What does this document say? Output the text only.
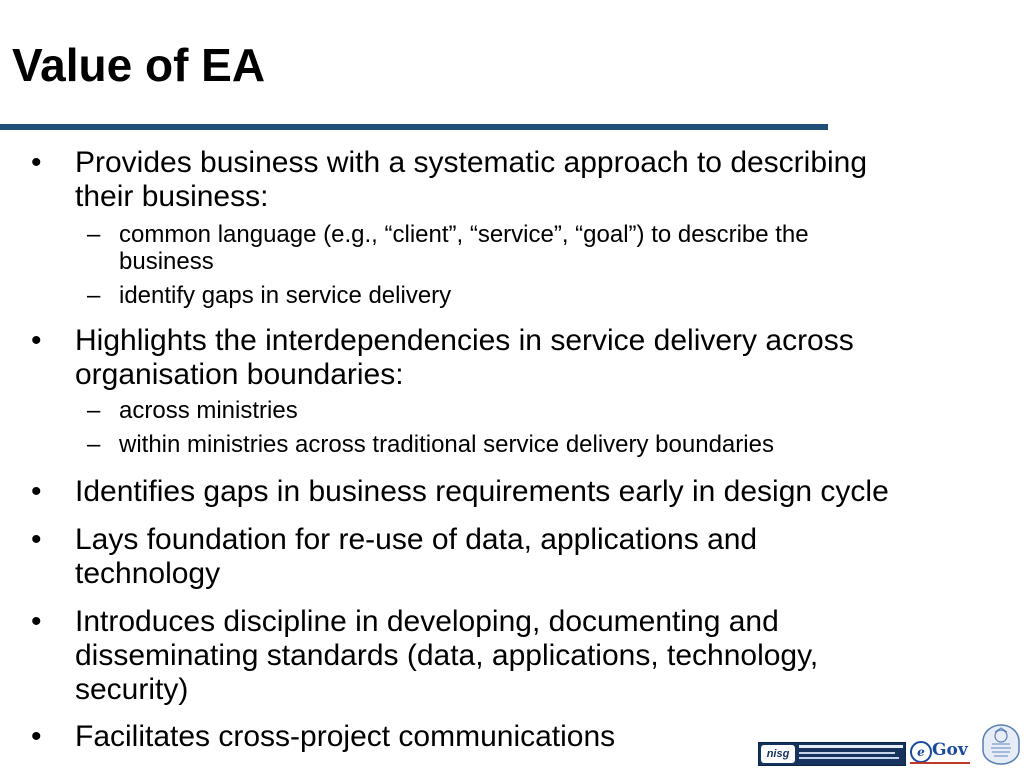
Value of EA
• Provides business with a systematic approach to describing
their business:
– common language (e.g., “client”, “service”, “goal”) to describe the
business
– identify gaps in service delivery
• Highlights the interdependencies in service delivery across
organisation boundaries:
– across ministries
– within ministries across traditional service delivery boundaries
• Identifies gaps in business requirements early in design cycle
• Lays foundation for re-use of data, applications and
technology
• Introduces discipline in developing, documenting and
disseminating standards (data, applications, technology,
security)
• Facilitates cross-project communications
nisg	e Gov
